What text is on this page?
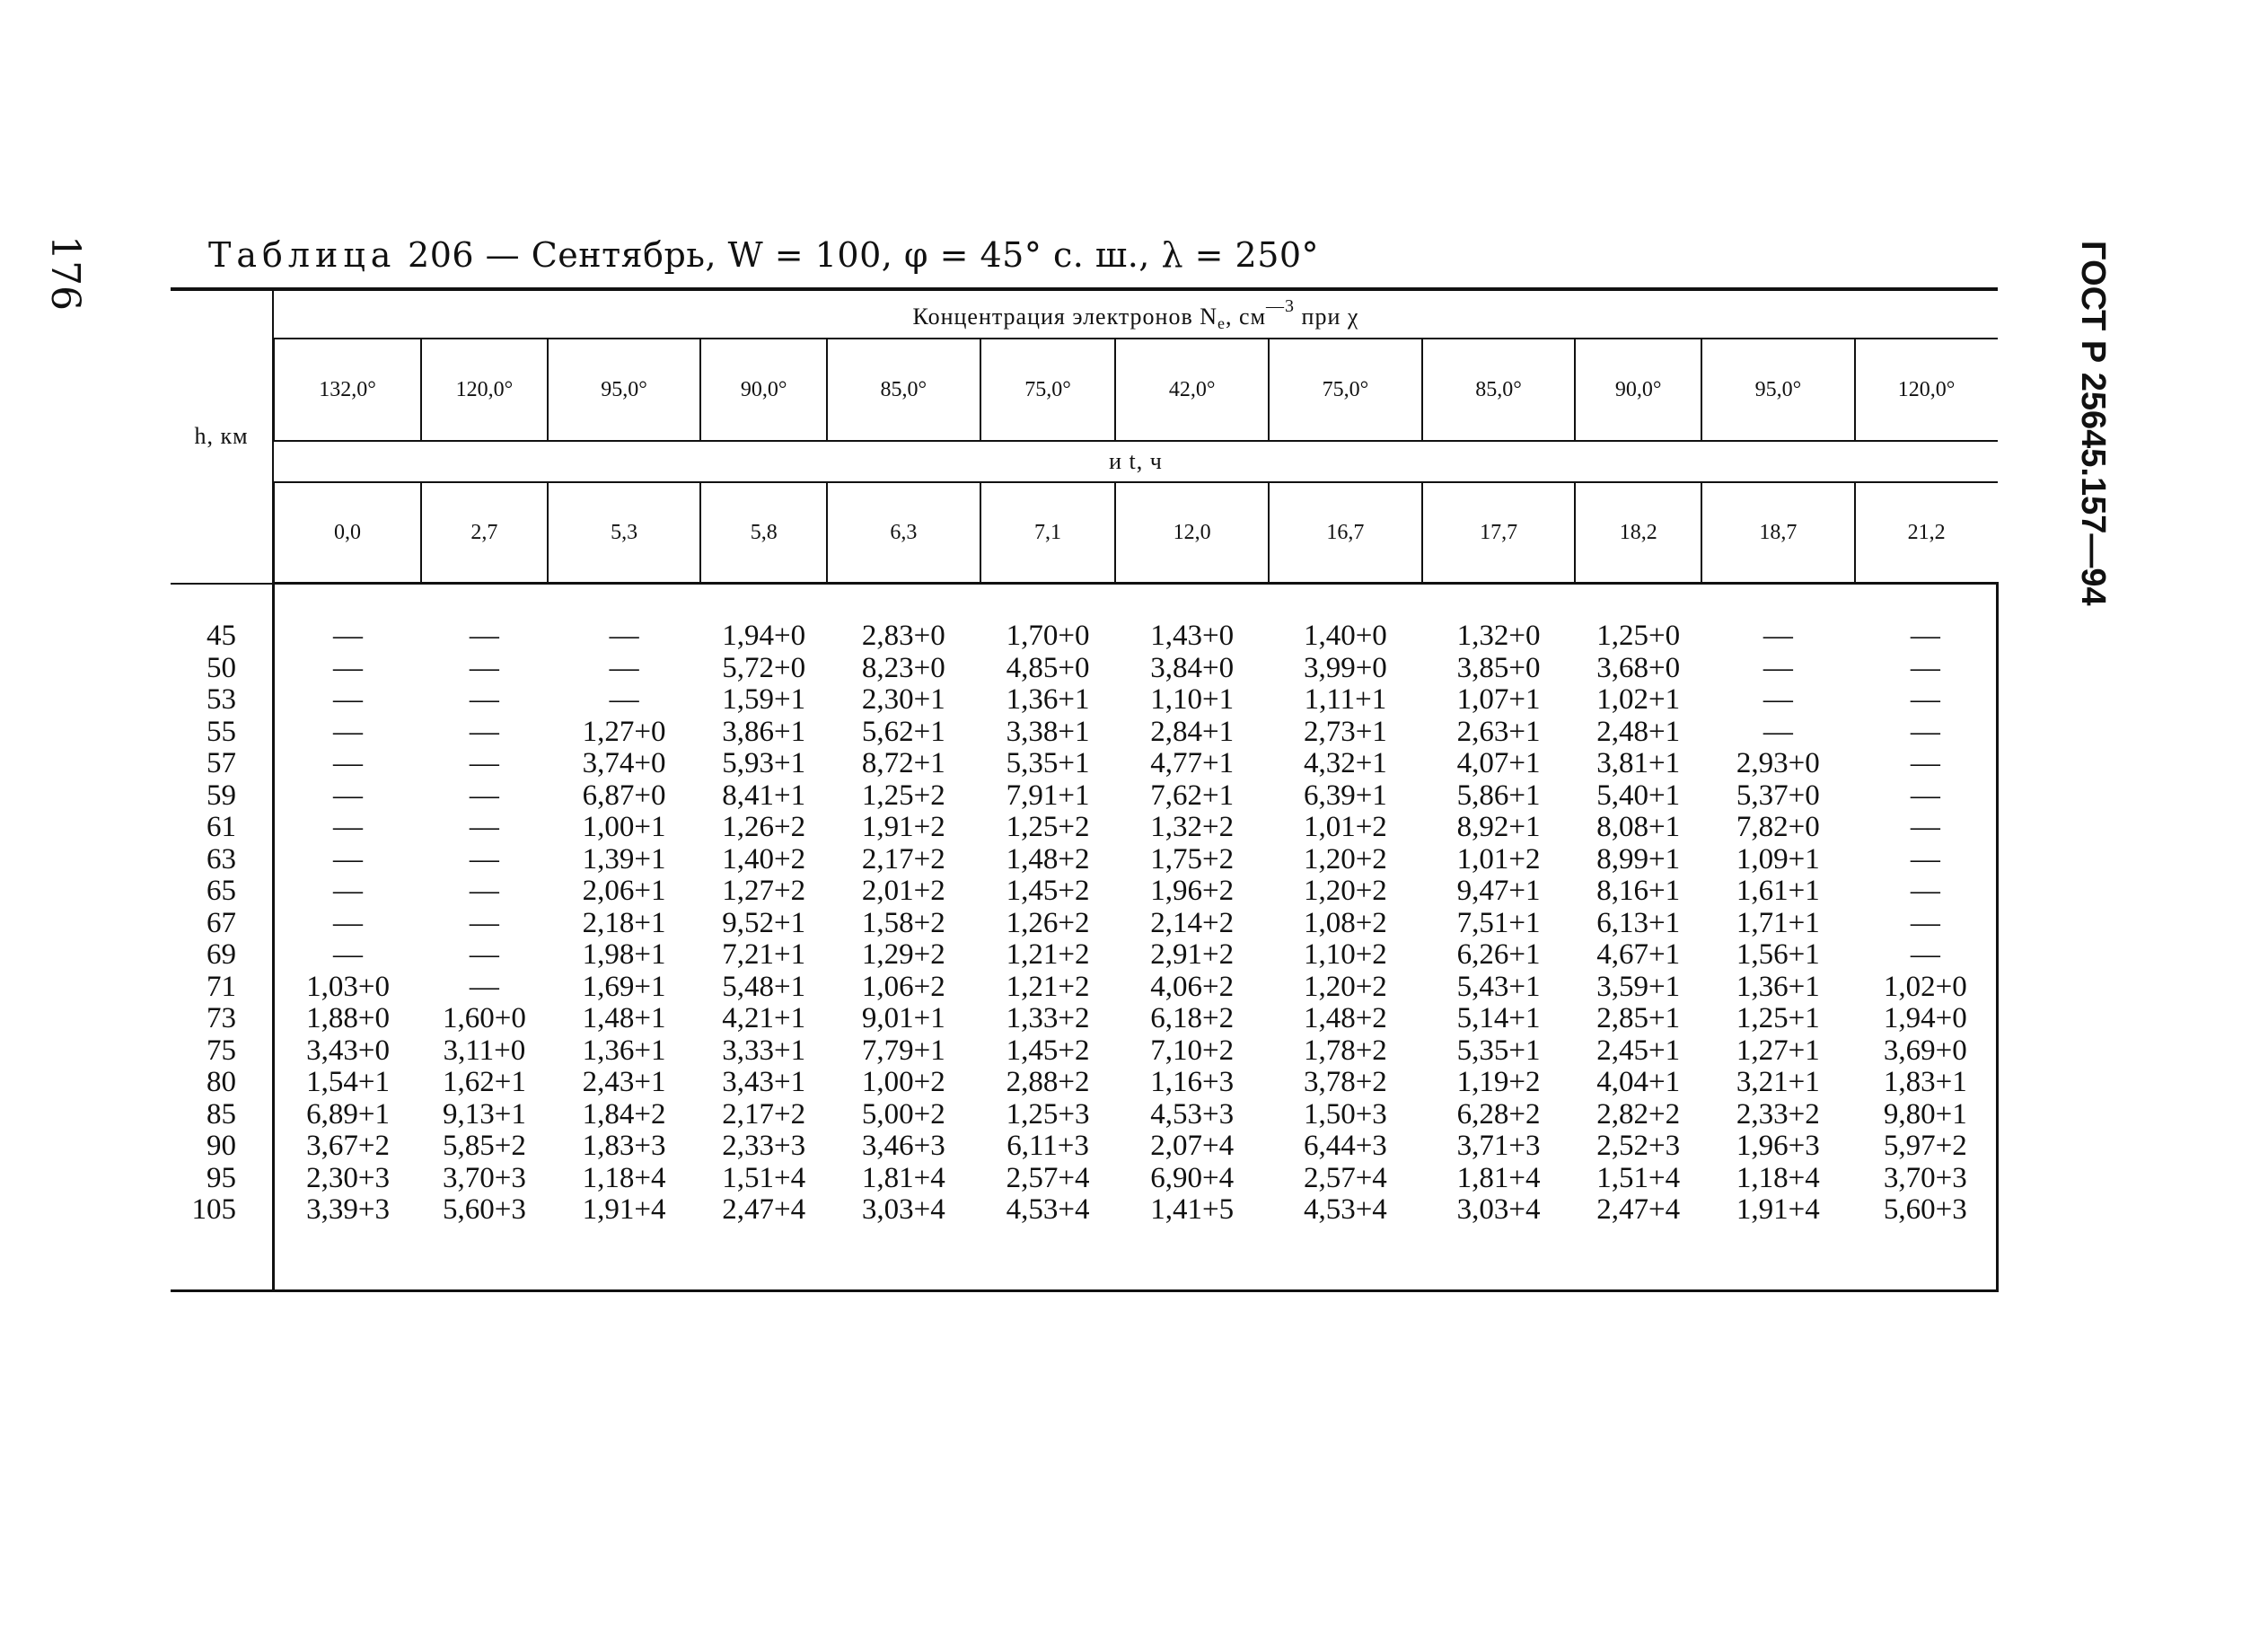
176	ГОСТ Р 25645.157—94
Таблица 206 — Сентябрь, W = 100, φ = 45° с. ш., λ = 250°
h, км	Концентрация электронов $N_e$, $см^{—3}$ при χ											
	132,0°	120,0°	95,0°	90,0°	85,0°	75,0°	42,0°	75,0°	85,0°	90,0°	95,0°	120,0°
	и t, ч											
	0,0	2,7	5,3	5,8	6,3	7,1	12,0	16,7	17,7	18,2	18,7	21,2

45	—	—	—	1,94+0	2,83+0	1,70+0	1,43+0	1,40+0	1,32+0	1,25+0	—	—
50	—	—	—	5,72+0	8,23+0	4,85+0	3,84+0	3,99+0	3,85+0	3,68+0	—	—
53	—	—	—	1,59+1	2,30+1	1,36+1	1,10+1	1,11+1	1,07+1	1,02+1	—	—
55	—	—	1,27+0	3,86+1	5,62+1	3,38+1	2,84+1	2,73+1	2,63+1	2,48+1	—	—
57	—	—	3,74+0	5,93+1	8,72+1	5,35+1	4,77+1	4,32+1	4,07+1	3,81+1	2,93+0	—
59	—	—	6,87+0	8,41+1	1,25+2	7,91+1	7,62+1	6,39+1	5,86+1	5,40+1	5,37+0	—
61	—	—	1,00+1	1,26+2	1,91+2	1,25+2	1,32+2	1,01+2	8,92+1	8,08+1	7,82+0	—
63	—	—	1,39+1	1,40+2	2,17+2	1,48+2	1,75+2	1,20+2	1,01+2	8,99+1	1,09+1	—
65	—	—	2,06+1	1,27+2	2,01+2	1,45+2	1,96+2	1,20+2	9,47+1	8,16+1	1,61+1	—
67	—	—	2,18+1	9,52+1	1,58+2	1,26+2	2,14+2	1,08+2	7,51+1	6,13+1	1,71+1	—
69	—	—	1,98+1	7,21+1	1,29+2	1,21+2	2,91+2	1,10+2	6,26+1	4,67+1	1,56+1	—
71	1,03+0	—	1,69+1	5,48+1	1,06+2	1,21+2	4,06+2	1,20+2	5,43+1	3,59+1	1,36+1	1,02+0
73	1,88+0	1,60+0	1,48+1	4,21+1	9,01+1	1,33+2	6,18+2	1,48+2	5,14+1	2,85+1	1,25+1	1,94+0
75	3,43+0	3,11+0	1,36+1	3,33+1	7,79+1	1,45+2	7,10+2	1,78+2	5,35+1	2,45+1	1,27+1	3,69+0
80	1,54+1	1,62+1	2,43+1	3,43+1	1,00+2	2,88+2	1,16+3	3,78+2	1,19+2	4,04+1	3,21+1	1,83+1
85	6,89+1	9,13+1	1,84+2	2,17+2	5,00+2	1,25+3	4,53+3	1,50+3	6,28+2	2,82+2	2,33+2	9,80+1
90	3,67+2	5,85+2	1,83+3	2,33+3	3,46+3	6,11+3	2,07+4	6,44+3	3,71+3	2,52+3	1,96+3	5,97+2
95	2,30+3	3,70+3	1,18+4	1,51+4	1,81+4	2,57+4	6,90+4	2,57+4	1,81+4	1,51+4	1,18+4	3,70+3
105	3,39+3	5,60+3	1,91+4	2,47+4	3,03+4	4,53+4	1,41+5	4,53+4	3,03+4	2,47+4	1,91+4	5,60+3
